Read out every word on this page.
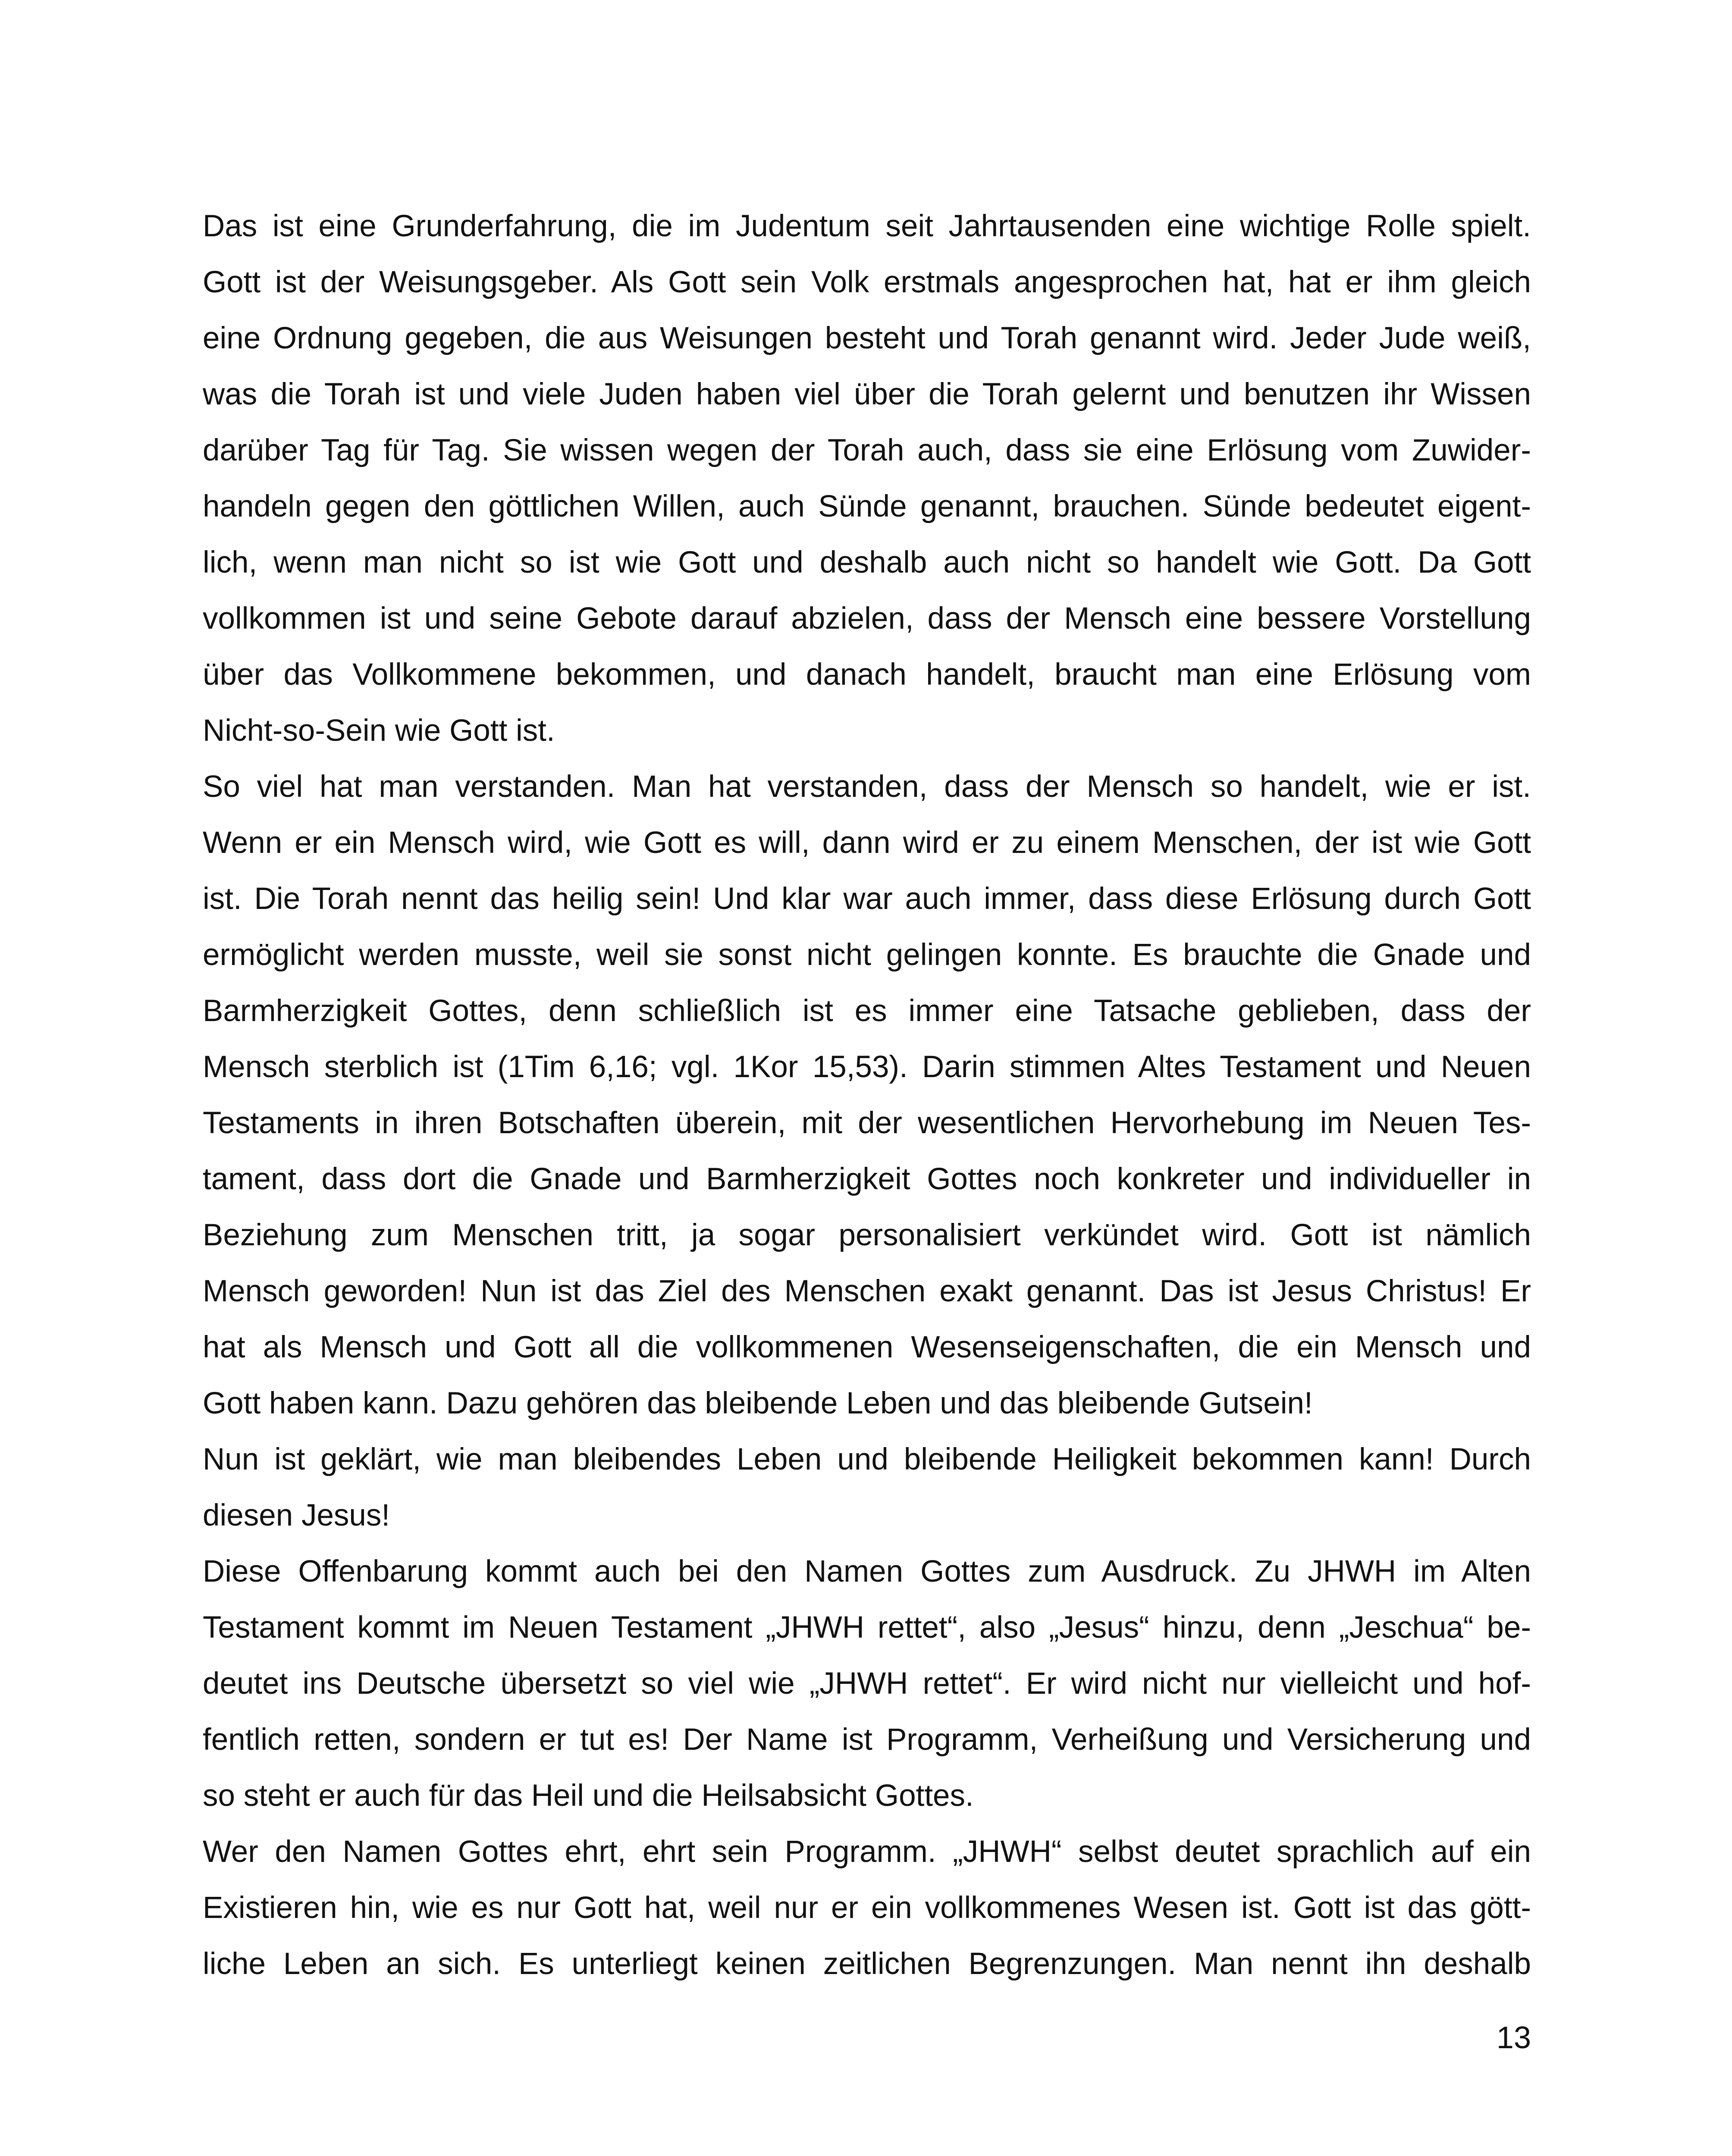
Das ist eine Grunderfahrung, die im Judentum seit Jahrtausenden eine wichtige Rolle spielt.
Gott ist der Weisungsgeber. Als Gott sein Volk erstmals angesprochen hat, hat er ihm gleich
eine Ordnung gegeben, die aus Weisungen besteht und Torah genannt wird. Jeder Jude weiß,
was die Torah ist und viele Juden haben viel über die Torah gelernt und benutzen ihr Wissen
darüber Tag für Tag. Sie wissen wegen der Torah auch, dass sie eine Erlösung vom Zuwider-
handeln gegen den göttlichen Willen, auch Sünde genannt, brauchen. Sünde bedeutet eigent-
lich, wenn man nicht so ist wie Gott und deshalb auch nicht so handelt wie Gott. Da Gott
vollkommen ist und seine Gebote darauf abzielen, dass der Mensch eine bessere Vorstellung
über das Vollkommene bekommen, und danach handelt, braucht man eine Erlösung vom
Nicht-so-Sein wie Gott ist.
So viel hat man verstanden. Man hat verstanden, dass der Mensch so handelt, wie er ist.
Wenn er ein Mensch wird, wie Gott es will, dann wird er zu einem Menschen, der ist wie Gott
ist. Die Torah nennt das heilig sein! Und klar war auch immer, dass diese Erlösung durch Gott
ermöglicht werden musste, weil sie sonst nicht gelingen konnte. Es brauchte die Gnade und
Barmherzigkeit Gottes, denn schließlich ist es immer eine Tatsache geblieben, dass der
Mensch sterblich ist (1Tim 6,16; vgl. 1Kor 15,53). Darin stimmen Altes Testament und Neuen
Testaments in ihren Botschaften überein, mit der wesentlichen Hervorhebung im Neuen Tes-
tament, dass dort die Gnade und Barmherzigkeit Gottes noch konkreter und individueller in
Beziehung zum Menschen tritt, ja sogar personalisiert verkündet wird. Gott ist nämlich
Mensch geworden! Nun ist das Ziel des Menschen exakt genannt. Das ist Jesus Christus! Er
hat als Mensch und Gott all die vollkommenen Wesenseigenschaften, die ein Mensch und
Gott haben kann. Dazu gehören das bleibende Leben und das bleibende Gutsein!
Nun ist geklärt, wie man bleibendes Leben und bleibende Heiligkeit bekommen kann! Durch
diesen Jesus!
Diese Offenbarung kommt auch bei den Namen Gottes zum Ausdruck. Zu JHWH im Alten
Testament kommt im Neuen Testament „JHWH rettet“, also „Jesus“ hinzu, denn „Jeschua“ be-
deutet ins Deutsche übersetzt so viel wie „JHWH rettet“. Er wird nicht nur vielleicht und hof-
fentlich retten, sondern er tut es! Der Name ist Programm, Verheißung und Versicherung und
so steht er auch für das Heil und die Heilsabsicht Gottes.
Wer den Namen Gottes ehrt, ehrt sein Programm. „JHWH“ selbst deutet sprachlich auf ein
Existieren hin, wie es nur Gott hat, weil nur er ein vollkommenes Wesen ist. Gott ist das gött-
liche Leben an sich. Es unterliegt keinen zeitlichen Begrenzungen. Man nennt ihn deshalb
13
